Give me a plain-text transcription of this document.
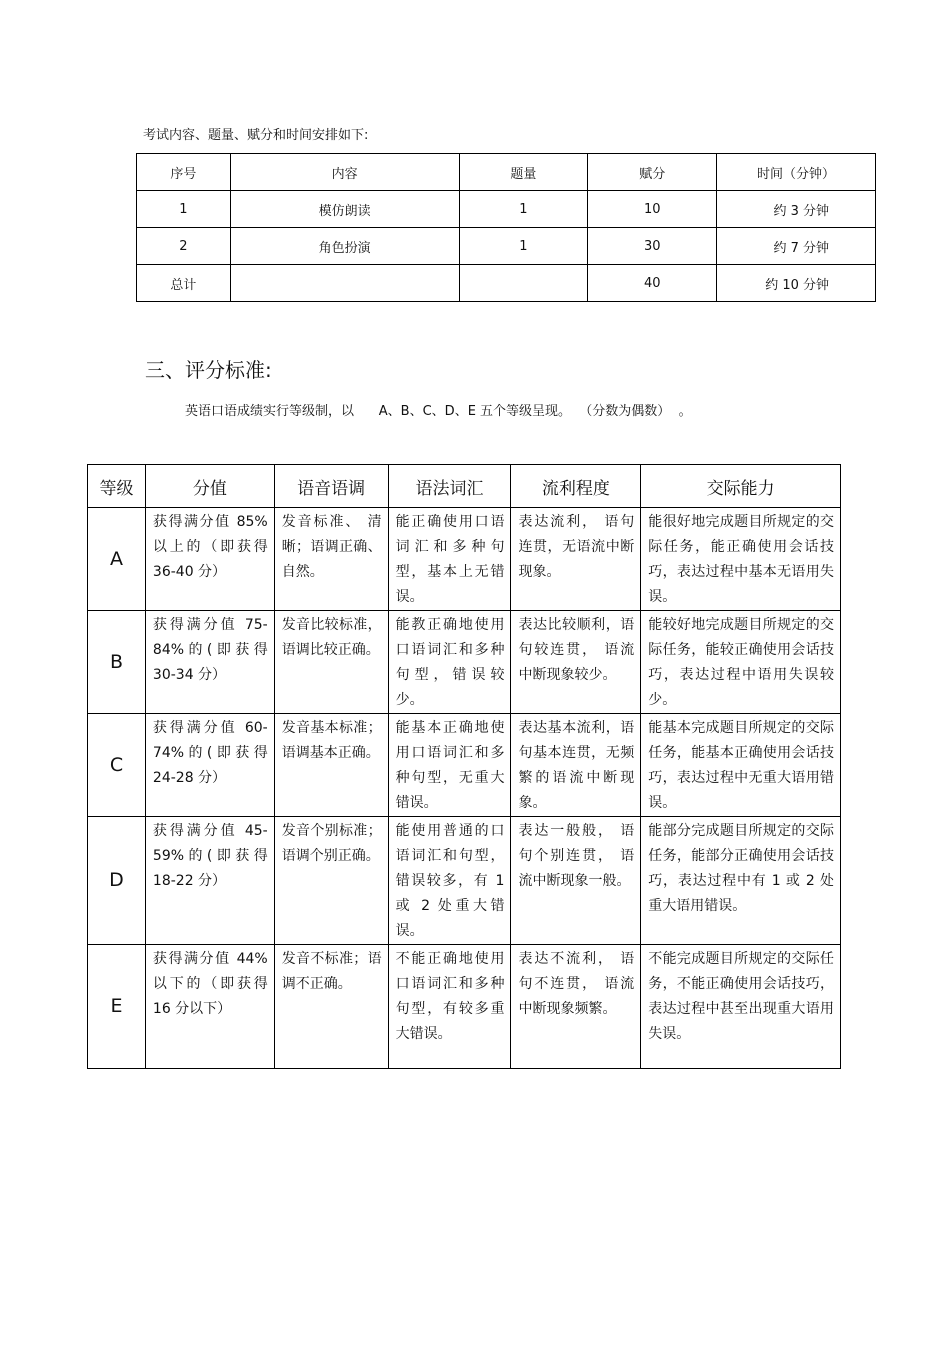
考试内容、题量、赋分和时间安排如下:
序号	内容	题量	赋分	时间（分钟）
1	模仿朗读	1	10	约 3 分钟
2	角色扮演	1	30	约 7 分钟
总计			40	约 10 分钟
三、评分标准:
英语口语成绩实行等级制，以      A、B、C、D、E 五个等级呈现。  （分数为偶数）  。
等级	分值	语音语调	语法词汇	流利程度	交际能力
A	获得满分值 85%以上的（即获得 36-40 分）	发音标准、 清晰；语调正确、自然。	能正确使用口语词汇和多种句型，基本上无错误。	表达流利， 语句连贯，无语流中断现象。	能很好地完成题目所规定的交际任务，能正确使用会话技巧，表达过程中基本无语用失误。
B	获得满分值 75-84%的(即获得 30-34 分）	发音比较标准，语调比较正确。	能教正确地使用口语词汇和多种句型，错误较少。	表达比较顺利，语句较连贯， 语流中断现象较少。	能较好地完成题目所规定的交际任务，能较正确使用会话技巧，表达过程中语用失误较少。
C	获得满分值 60-74%的(即获得 24-28 分）	发音基本标准；语调基本正确。	能基本正确地使用口语词汇和多种句型，无重大错误。	表达基本流利，语句基本连贯，无频繁的语流中断现象。	能基本完成题目所规定的交际任务，能基本正确使用会话技巧，表达过程中无重大语用错误。
D	获得满分值 45-59%的(即获得 18-22 分）	发音个别标准；语调个别正确。	能使用普通的口语词汇和句型，错误较多，有 1 或 2 处重大错误。	表达一般般， 语句个别连贯， 语流中断现象一般。	能部分完成题目所规定的交际任务，能部分正确使用会话技巧，表达过程中有 1 或 2 处重大语用错误。
E	获得满分值 44%以下的（即获得 16 分以下）	发音不标准；语调不正确。	不能正确地使用口语词汇和多种句型，有较多重大错误。	表达不流利， 语句不连贯， 语流中断现象频繁。	不能完成题目所规定的交际任务，不能正确使用会话技巧，表达过程中甚至出现重大语用失误。
